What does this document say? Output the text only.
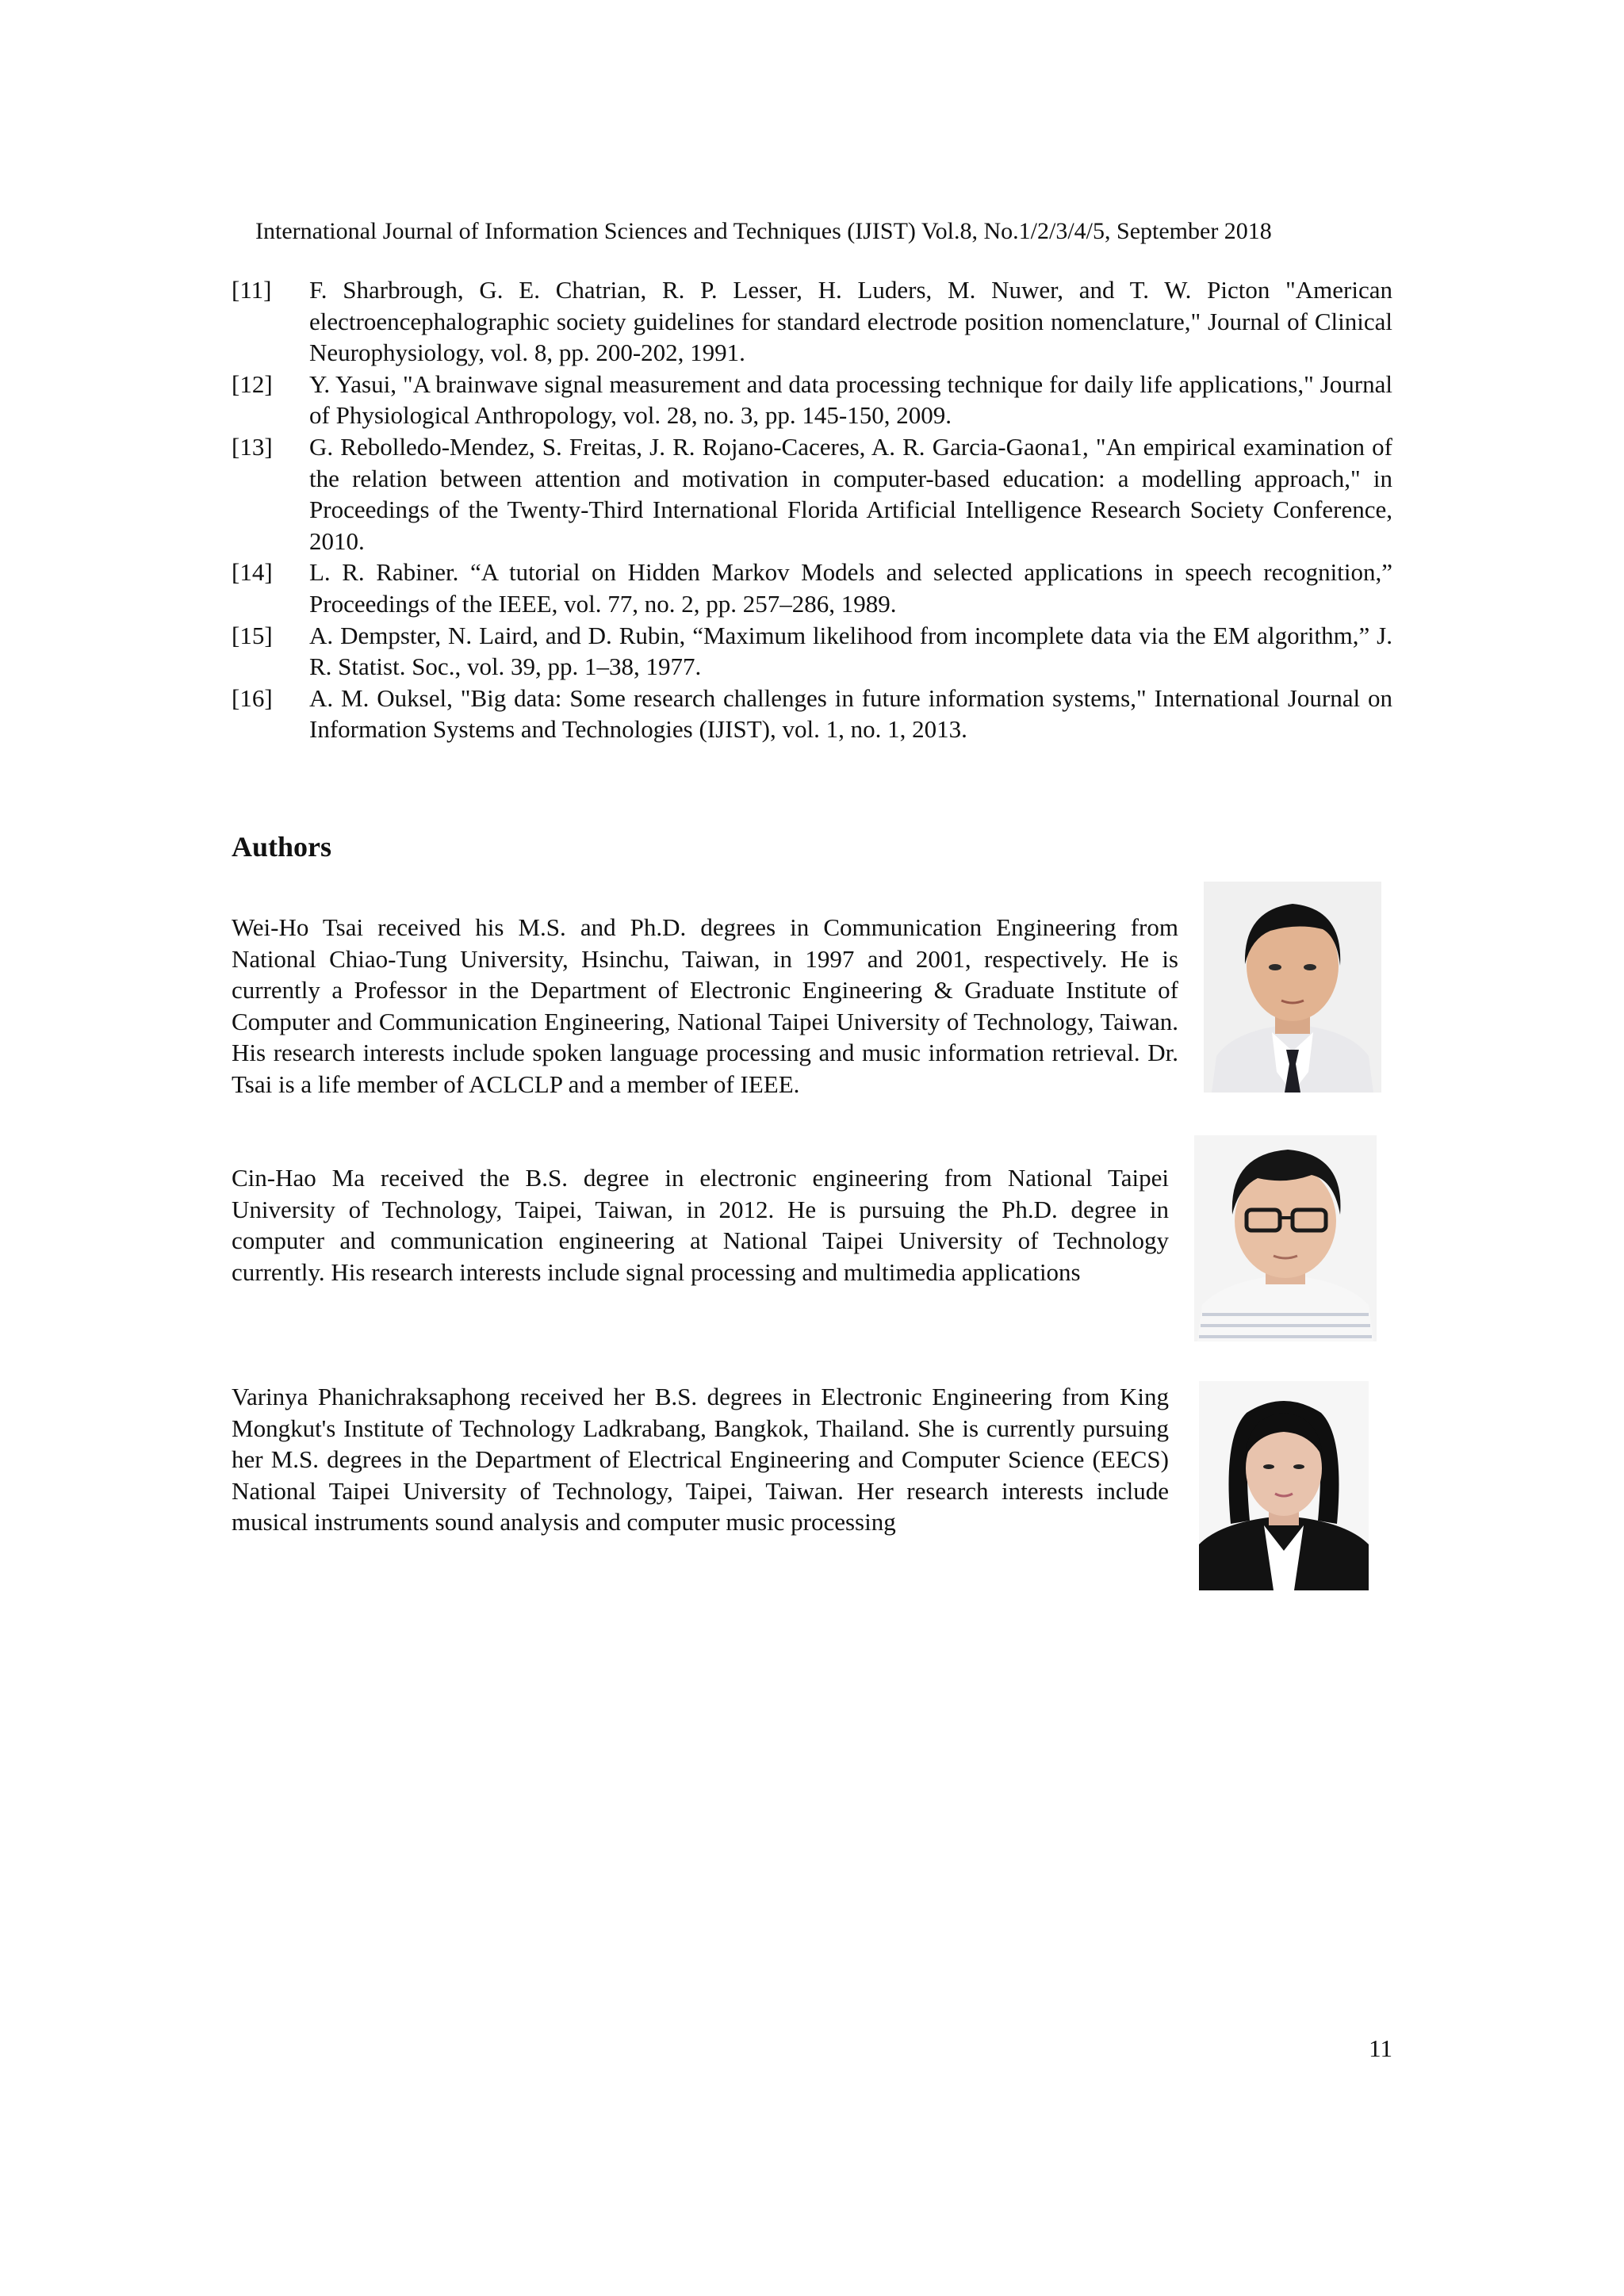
International Journal of Information Sciences and Techniques (IJIST) Vol.8, No.1/2/3/4/5, September 2018
[11] F. Sharbrough, G. E. Chatrian, R. P. Lesser, H. Luders, M. Nuwer, and T. W. Picton "American electroencephalographic society guidelines for standard electrode position nomenclature," Journal of Clinical Neurophysiology, vol. 8, pp. 200-202, 1991.
[12] Y. Yasui, "A brainwave signal measurement and data processing technique for daily life applications," Journal of Physiological Anthropology, vol. 28, no. 3, pp. 145-150, 2009.
[13] G. Rebolledo-Mendez, S. Freitas, J. R. Rojano-Caceres, A. R. Garcia-Gaona1, "An empirical examination of the relation between attention and motivation in computer-based education: a modelling approach," in Proceedings of the Twenty-Third International Florida Artificial Intelligence Research Society Conference, 2010.
[14] L. R. Rabiner. “A tutorial on Hidden Markov Models and selected applications in speech recognition,” Proceedings of the IEEE, vol. 77, no. 2, pp. 257–286, 1989.
[15] A. Dempster, N. Laird, and D. Rubin, “Maximum likelihood from incomplete data via the EM algorithm,” J. R. Statist. Soc., vol. 39, pp. 1–38, 1977.
[16] A. M. Ouksel, "Big data: Some research challenges in future information systems," International Journal on Information Systems and Technologies (IJIST), vol. 1, no. 1, 2013.
Authors
Wei-Ho Tsai received his M.S. and Ph.D. degrees in Communication Engineering from National Chiao-Tung University, Hsinchu, Taiwan, in 1997 and 2001, respectively. He is currently a Professor in the Department of Electronic Engineering & Graduate Institute of Computer and Communication Engineering, National Taipei University of Technology, Taiwan. His research interests include spoken language processing and music information retrieval. Dr. Tsai is a life member of ACLCLP and a member of IEEE.
Cin-Hao Ma received the B.S. degree in electronic engineering from National Taipei University of Technology, Taipei, Taiwan, in 2012. He is pursuing the Ph.D. degree in computer and communication engineering at National Taipei University of Technology currently. His research interests include signal processing and multimedia applications
Varinya Phanichraksaphong received her B.S. degrees in Electronic Engineering from King Mongkut's Institute of Technology Ladkrabang, Bangkok, Thailand. She is currently pursuing her M.S. degrees in the Department of Electrical Engineering and Computer Science (EECS) National Taipei University of Technology, Taipei, Taiwan. Her research interests include musical instruments sound analysis and computer music processing
11
